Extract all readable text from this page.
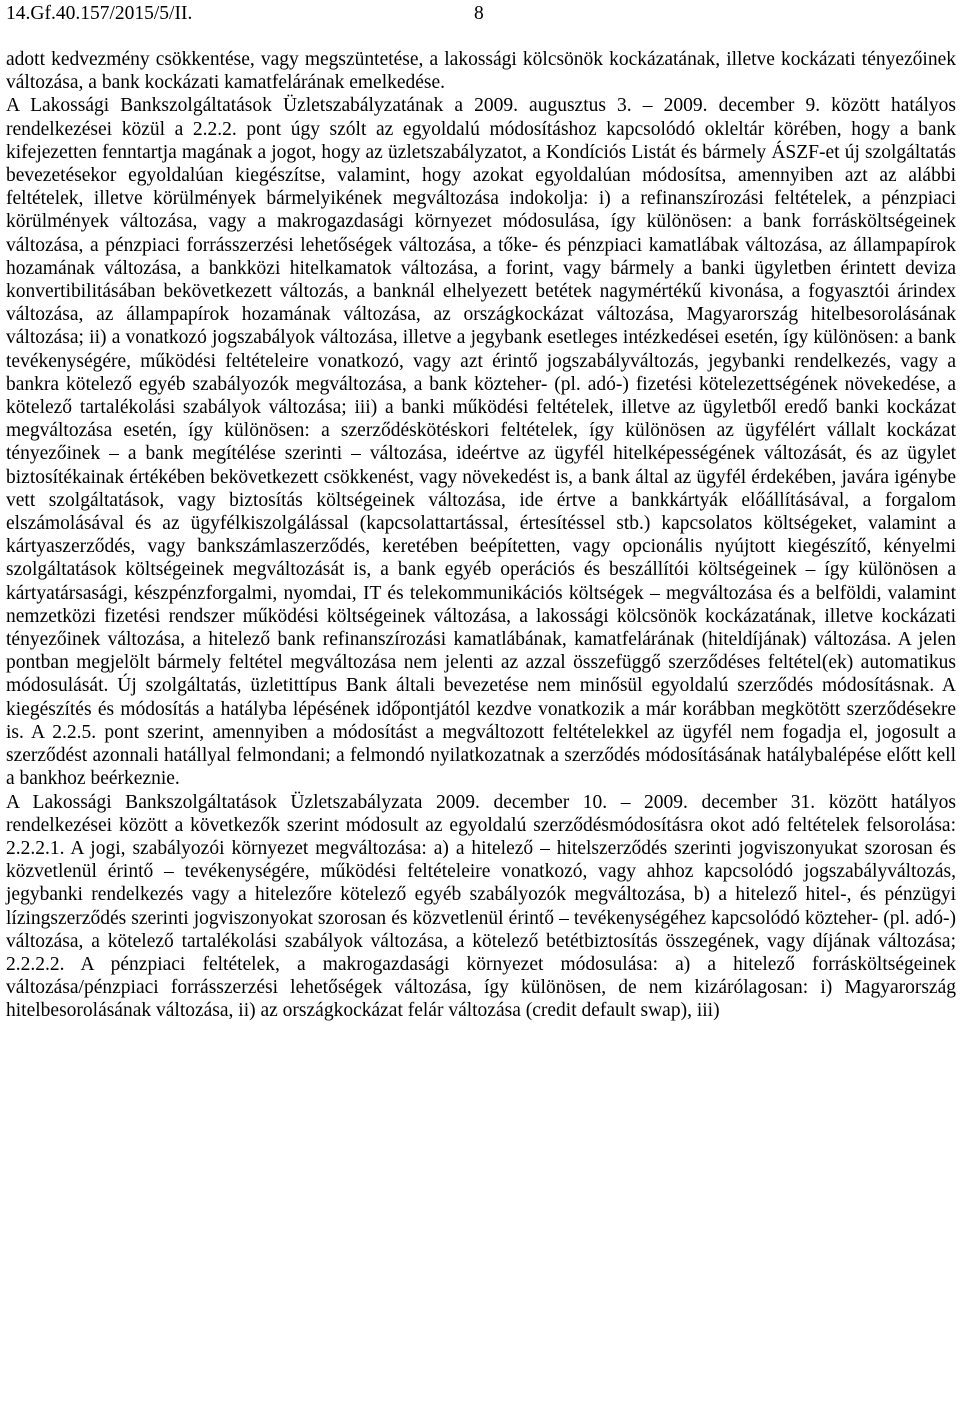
14.Gf.40.157/2015/5/II.	8

adott kedvezmény csökkentése, vagy megszüntetése, a lakossági kölcsönök kockázatának, illetve kockázati tényezőinek változása, a bank kockázati kamatfelárának emelkedése.

A Lakossági Bankszolgáltatások Üzletszabályzatának a 2009. augusztus 3. – 2009. december 9. között hatályos rendelkezései közül a 2.2.2. pont úgy szólt az egyoldalú módosításhoz kapcsolódó okleltár körében, hogy a bank kifejezetten fenntartja magának a jogot, hogy az üzletszabályzatot, a Kondíciós Listát és bármely ÁSZF-et új szolgáltatás bevezetésekor egyoldalúan kiegészítse, valamint, hogy azokat egyoldalúan módosítsa, amennyiben azt az alábbi feltételek, illetve körülmények bármelyikének megváltozása indokolja: i) a refinanszírozási feltételek, a pénzpiaci körülmények változása, vagy a makrogazdasági környezet módosulása, így különösen: a bank forrásköltségeinek változása, a pénzpiaci forrásszerzési lehetőségek változása, a tőke- és pénzpiaci kamatlábak változása, az állampapírok hozamának változása, a bankközi hitelkamatok változása, a forint, vagy bármely a banki ügyletben érintett deviza konvertibilitásában bekövetkezett változás, a banknál elhelyezett betétek nagymértékű kivonása, a fogyasztói árindex változása, az állampapírok hozamának változása, az országkockázat változása, Magyarország hitelbesorolásának változása; ii) a vonatkozó jogszabályok változása, illetve a jegybank esetleges intézkedései esetén, így különösen: a bank tevékenységére, működési feltételeire vonatkozó, vagy azt érintő jogszabályváltozás, jegybanki rendelkezés, vagy a bankra kötelező egyéb szabályozók megváltozása, a bank közteher- (pl. adó-) fizetési kötelezettségének növekedése, a kötelező tartalékolási szabályok változása; iii) a banki működési feltételek, illetve az ügyletből eredő banki kockázat megváltozása esetén, így különösen: a szerződéskötéskori feltételek, így különösen az ügyfélért vállalt kockázat tényezőinek – a bank megítélése szerinti – változása, ideértve az ügyfél hitelképességének változását, és az ügylet biztosítékainak értékében bekövetkezett csökkenést, vagy növekedést is, a bank által az ügyfél érdekében, javára igénybe vett szolgáltatások, vagy biztosítás költségeinek változása, ide értve a bankkártyák előállításával, a forgalom elszámolásával és az ügyfélkiszolgálással (kapcsolattartással, értesítéssel stb.) kapcsolatos költségeket, valamint a kártyaszerződés, vagy bankszámlaszerződés, keretében beépítetten, vagy opcionális nyújtott kiegészítő, kényelmi szolgáltatások költségeinek megváltozását is, a bank egyéb operációs és beszállítói költségeinek – így különösen a kártyatársasági, készpénzforgalmi, nyomdai, IT és telekommunikációs költségek – megváltozása és a belföldi, valamint nemzetközi fizetési rendszer működési költségeinek változása, a lakossági kölcsönök kockázatának, illetve kockázati tényezőinek változása, a hitelező bank refinanszírozási kamatlábának, kamatfelárának (hiteldíjának) változása. A jelen pontban megjelölt bármely feltétel megváltozása nem jelenti az azzal összefüggő szerződéses feltétel(ek) automatikus módosulását. Új szolgáltatás, üzletittípus Bank általi bevezetése nem minősül egyoldalú szerződés módosításnak. A kiegészítés és módosítás a hatályba lépésének időpontjától kezdve vonatkozik a már korábban megkötött szerződésekre is. A 2.2.5. pont szerint, amennyiben a módosítást a megváltozott feltételekkel az ügyfél nem fogadja el, jogosult a szerződést azonnali hatállyal felmondani; a felmondó nyilatkozatnak a szerződés módosításának hatálybalépése előtt kell a bankhoz beérkeznie.

A Lakossági Bankszolgáltatások Üzletszabályzata 2009. december 10. – 2009. december 31. között hatályos rendelkezései között a következők szerint módosult az egyoldalú szerződésmódosításra okot adó feltételek felsorolása: 2.2.2.1. A jogi, szabályozói környezet megváltozása: a) a hitelező – hitelszerződés szerinti jogviszonyukat szorosan és közvetlenül érintő – tevékenységére, működési feltételeire vonatkozó, vagy ahhoz kapcsolódó jogszabályváltozás, jegybanki rendelkezés vagy a hitelezőre kötelező egyéb szabályozók megváltozása, b) a hitelező hitel-, és pénzügyi lízingszerződés szerinti jogviszonyokat szorosan és közvetlenül érintő – tevékenységéhez kapcsolódó közteher- (pl. adó-) változása, a kötelező tartalékolási szabályok változása, a kötelező betétbiztosítás összegének, vagy díjának változása; 2.2.2.2. A pénzpiaci feltételek, a makrogazdasági környezet módosulása: a) a hitelező forrásköltségeinek változása/pénzpiaci forrásszerzési lehetőségek változása, így különösen, de nem kizárólagosan: i) Magyarország hitelbesorolásának változása, ii) az országkockázat felár változása (credit default swap), iii)
